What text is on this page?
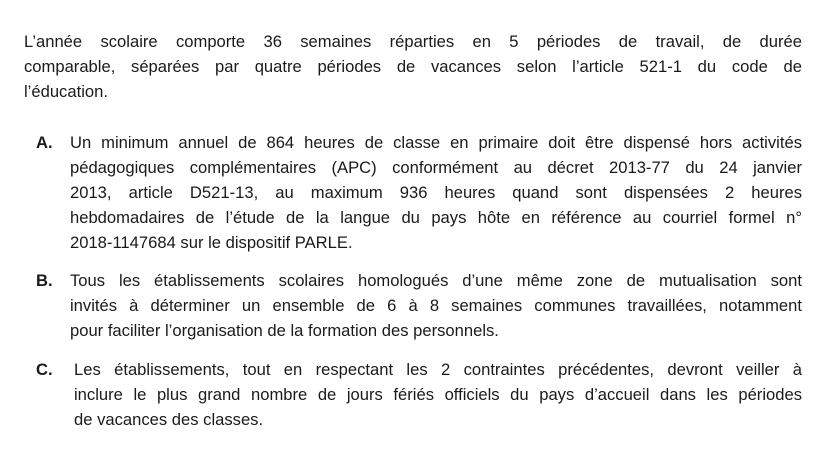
L’année scolaire comporte 36 semaines réparties en 5 périodes de travail, de durée
comparable, séparées par quatre périodes de vacances selon l’article 521-1 du code de
l’éducation.

A. Un minimum annuel de 864 heures de classe en primaire doit être dispensé hors activités
pédagogiques complémentaires (APC) conformément au décret 2013-77 du 24 janvier
2013, article D521-13, au maximum 936 heures quand sont dispensées 2 heures
hebdomadaires de l’étude de la langue du pays hôte en référence au courriel formel n°
2018-1147684 sur le dispositif PARLE.
B. Tous les établissements scolaires homologués d’une même zone de mutualisation sont
invités à déterminer un ensemble de 6 à 8 semaines communes travaillées, notamment
pour faciliter l’organisation de la formation des personnels.
C. Les établissements, tout en respectant les 2 contraintes précédentes, devront veiller à
inclure le plus grand nombre de jours fériés officiels du pays d’accueil dans les périodes
de vacances des classes.
